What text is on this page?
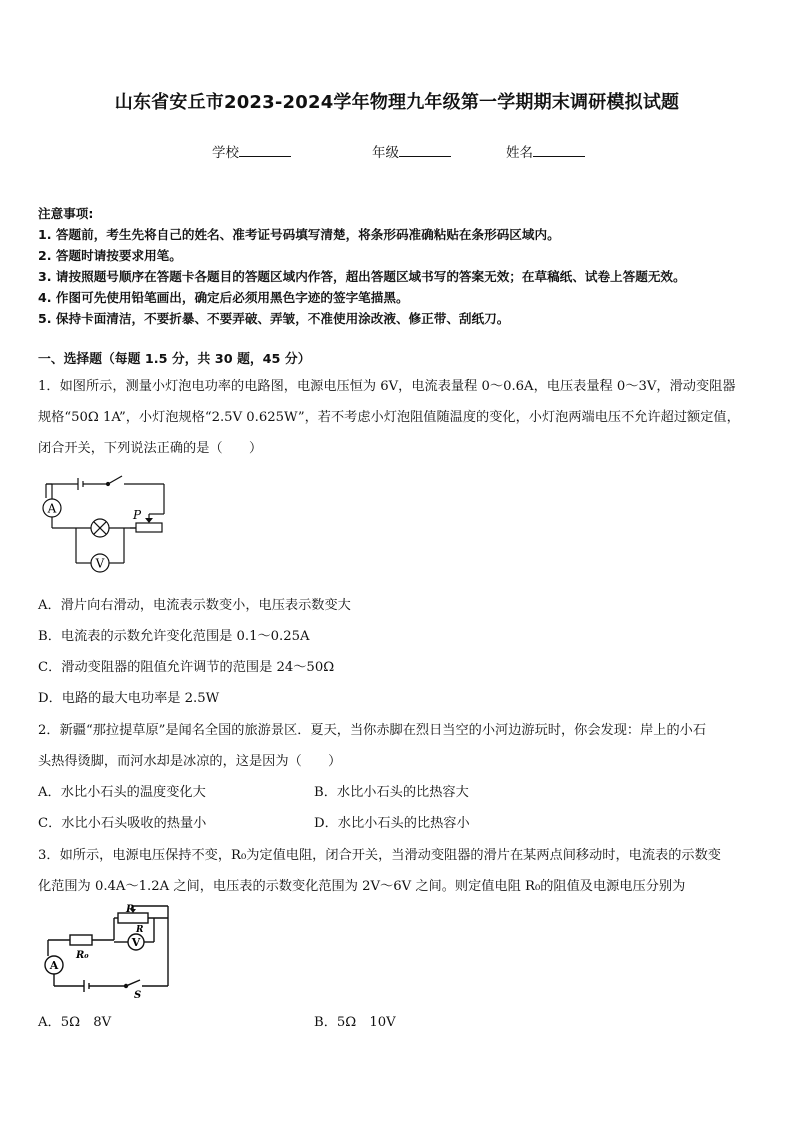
山东省安丘市2023-2024学年物理九年级第一学期期末调研模拟试题
学校	年级	姓名
注意事项:
1. 答题前，考生先将自己的姓名、准考证号码填写清楚，将条形码准确粘贴在条形码区域内。
2. 答题时请按要求用笔。
3. 请按照题号顺序在答题卡各题目的答题区域内作答，超出答题区域书写的答案无效；在草稿纸、试卷上答题无效。
4. 作图可先使用铅笔画出，确定后必须用黑色字迹的签字笔描黑。
5. 保持卡面清洁，不要折暴、不要弄破、弄皱，不准使用涂改液、修正带、刮纸刀。
一、选择题（每题 1.5 分，共 30 题，45 分）
1．如图所示，测量小灯泡电功率的电路图，电源电压恒为 6V，电流表量程 0～0.6A，电压表量程 0～3V，滑动变阻器
规格“50Ω 1A”，小灯泡规格“2.5V 0.625W”，若不考虑小灯泡阻值随温度的变化，小灯泡两端电压不允许超过额定值，
闭合开关，下列说法正确的是（　　）
A
V
P
A．滑片向右滑动，电流表示数变小，电压表示数变大
B．电流表的示数允许变化范围是 0.1～0.25A
C．滑动变阻器的阻值允许调节的范围是 24～50Ω
D．电路的最大电功率是 2.5W
2．新疆“那拉提草原”是闻名全国的旅游景区．夏天，当你赤脚在烈日当空的小河边游玩时，你会发现：岸上的小石
头热得烫脚，而河水却是冰凉的，这是因为（　　）
A．水比小石头的温度变化大	B．水比小石头的比热容大
C．水比小石头吸收的热量小	D．水比小石头的比热容小
3．如所示，电源电压保持不变，R₀为定值电阻，闭合开关，当滑动变阻器的滑片在某两点间移动时，电流表的示数变
化范围为 0.4A～1.2A 之间，电压表的示数变化范围为 2V～6V 之间。则定值电阻 R₀的阻值及电源电压分别为
P
R
V
R₀
A
S
A．5Ω　8V	B．5Ω　10V
